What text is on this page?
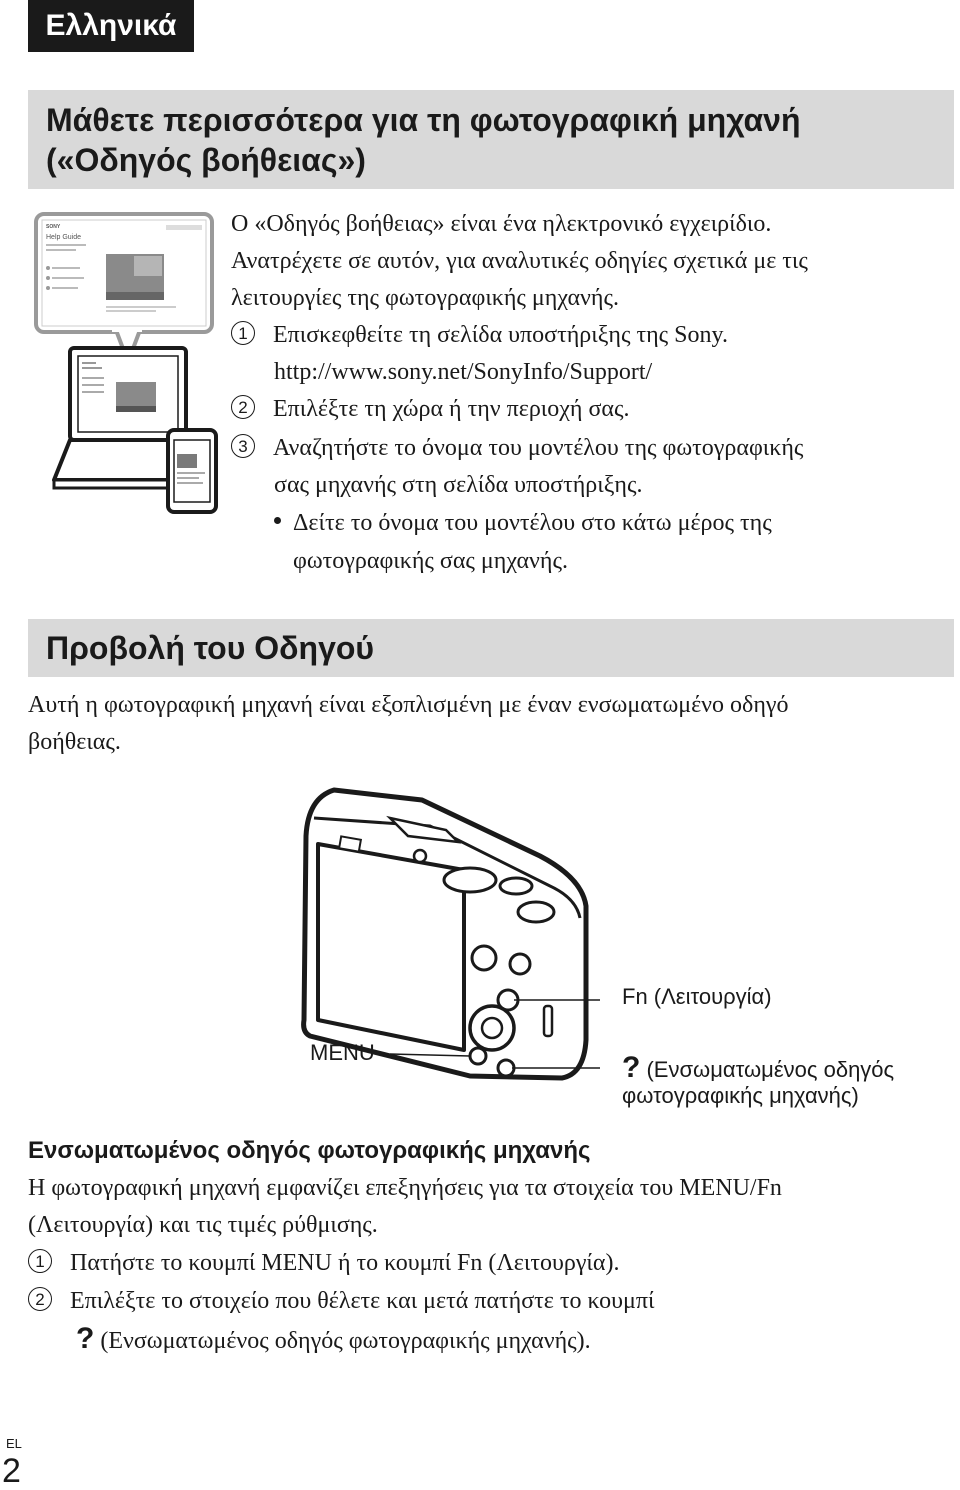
Ελληνικά
Μάθετε περισσότερα για τη φωτογραφική μηχανή
(«Οδηγός βοήθειας»)
SONY
Help Guide
Ο «Οδηγός βοήθειας» είναι ένα ηλεκτρονικό εγχειρίδιο.
Ανατρέχετε σε αυτόν, για αναλυτικές οδηγίες σχετικά με τις
λειτουργίες της φωτογραφικής μηχανής.
1 Επισκεφθείτε τη σελίδα υποστήριξης της Sony.
http://www.sony.net/SonyInfo/Support/
2 Επιλέξτε τη χώρα ή την περιοχή σας.
3 Αναζητήστε το όνομα του μοντέλου της φωτογραφικής
σας μηχανής στη σελίδα υποστήριξης.
Δείτε το όνομα του μοντέλου στο κάτω μέρος της
φωτογραφικής σας μηχανής.
Προβολή του Οδηγού
Αυτή η φωτογραφική μηχανή είναι εξοπλισμένη με έναν ενσωματωμένο οδηγό
βοήθειας.
Fn (Λειτουργία)
MENU	? (Ενσωματωμένος οδηγός
φωτογραφικής μηχανής)
Ενσωματωμένος οδηγός φωτογραφικής μηχανής
Η φωτογραφική μηχανή εμφανίζει επεξηγήσεις για τα στοιχεία του MENU/Fn
(Λειτουργία) και τις τιμές ρύθμισης.
1 Πατήστε το κουμπί MENU ή το κουμπί Fn (Λειτουργία).
2 Επιλέξτε το στοιχείο που θέλετε και μετά πατήστε το κουμπί
? (Ενσωματωμένος οδηγός φωτογραφικής μηχανής).
EL
2
